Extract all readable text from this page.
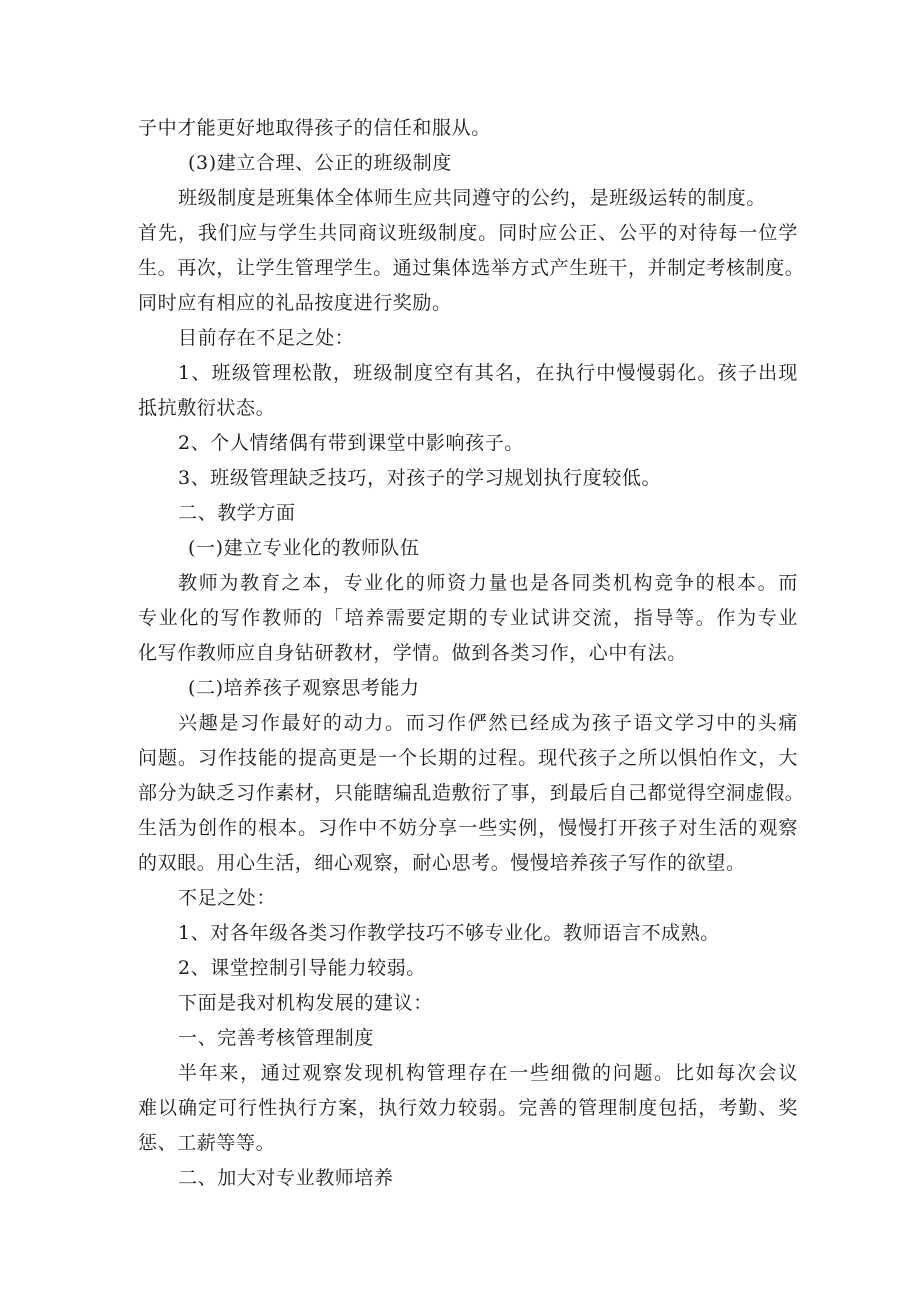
子中才能更好地取得孩子的信任和服从。
(3)建立合理、公正的班级制度
班级制度是班集体全体师生应共同遵守的公约，是班级运转的制度。
首先，我们应与学生共同商议班级制度。同时应公正、公平的对待每一位学
生。再次，让学生管理学生。通过集体选举方式产生班干，并制定考核制度。
同时应有相应的礼品按度进行奖励。
目前存在不足之处：
1、班级管理松散，班级制度空有其名，在执行中慢慢弱化。孩子出现
抵抗敷衍状态。
2、个人情绪偶有带到课堂中影响孩子。
3、班级管理缺乏技巧，对孩子的学习规划执行度较低。
二、教学方面
(一)建立专业化的教师队伍
教师为教育之本，专业化的师资力量也是各同类机构竞争的根本。而
专业化的写作教师的「培养需要定期的专业试讲交流，指导等。作为专业
化写作教师应自身钻研教材，学情。做到各类习作，心中有法。
(二)培养孩子观察思考能力
兴趣是习作最好的动力。而习作俨然已经成为孩子语文学习中的头痛
问题。习作技能的提高更是一个长期的过程。现代孩子之所以惧怕作文，大
部分为缺乏习作素材，只能瞎编乱造敷衍了事，到最后自己都觉得空洞虚假。
生活为创作的根本。习作中不妨分享一些实例，慢慢打开孩子对生活的观察
的双眼。用心生活，细心观察，耐心思考。慢慢培养孩子写作的欲望。
不足之处：
1、对各年级各类习作教学技巧不够专业化。教师语言不成熟。
2、课堂控制引导能力较弱。
下面是我对机构发展的建议：
一、完善考核管理制度
半年来，通过观察发现机构管理存在一些细微的问题。比如每次会议
难以确定可行性执行方案，执行效力较弱。完善的管理制度包括，考勤、奖
惩、工薪等等。
二、加大对专业教师培养
